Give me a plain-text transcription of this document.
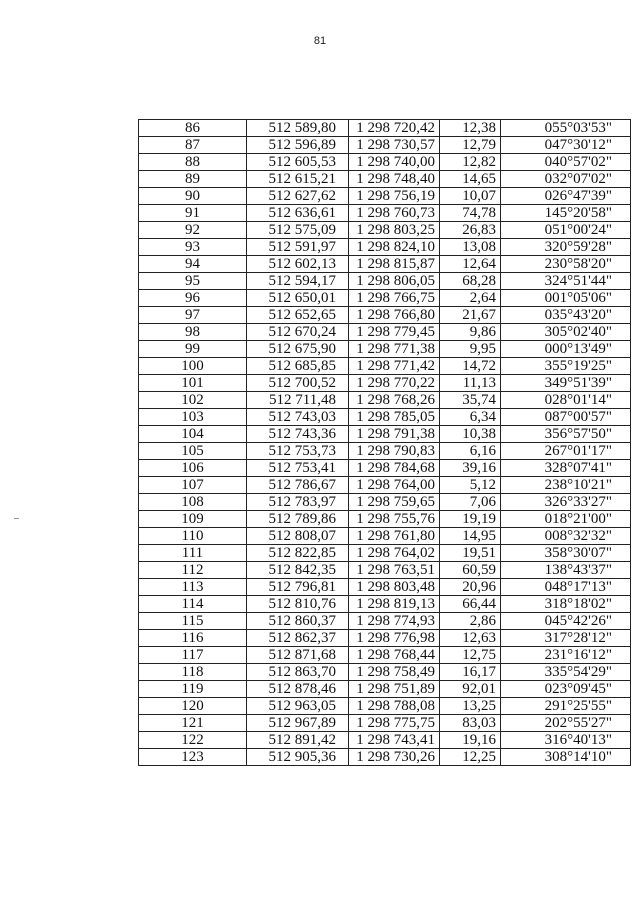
81
86	512 589,80	1 298 720,42	12,38	055°03'53"
87	512 596,89	1 298 730,57	12,79	047°30'12"
88	512 605,53	1 298 740,00	12,82	040°57'02"
89	512 615,21	1 298 748,40	14,65	032°07'02"
90	512 627,62	1 298 756,19	10,07	026°47'39"
91	512 636,61	1 298 760,73	74,78	145°20'58"
92	512 575,09	1 298 803,25	26,83	051°00'24"
93	512 591,97	1 298 824,10	13,08	320°59'28"
94	512 602,13	1 298 815,87	12,64	230°58'20"
95	512 594,17	1 298 806,05	68,28	324°51'44"
96	512 650,01	1 298 766,75	2,64	001°05'06"
97	512 652,65	1 298 766,80	21,67	035°43'20"
98	512 670,24	1 298 779,45	9,86	305°02'40"
99	512 675,90	1 298 771,38	9,95	000°13'49"
100	512 685,85	1 298 771,42	14,72	355°19'25"
101	512 700,52	1 298 770,22	11,13	349°51'39"
102	512 711,48	1 298 768,26	35,74	028°01'14"
103	512 743,03	1 298 785,05	6,34	087°00'57"
104	512 743,36	1 298 791,38	10,38	356°57'50"
105	512 753,73	1 298 790,83	6,16	267°01'17"
106	512 753,41	1 298 784,68	39,16	328°07'41"
107	512 786,67	1 298 764,00	5,12	238°10'21"
108	512 783,97	1 298 759,65	7,06	326°33'27"
109	512 789,86	1 298 755,76	19,19	018°21'00"
110	512 808,07	1 298 761,80	14,95	008°32'32"
111	512 822,85	1 298 764,02	19,51	358°30'07"
112	512 842,35	1 298 763,51	60,59	138°43'37"
113	512 796,81	1 298 803,48	20,96	048°17'13"
114	512 810,76	1 298 819,13	66,44	318°18'02"
115	512 860,37	1 298 774,93	2,86	045°42'26"
116	512 862,37	1 298 776,98	12,63	317°28'12"
117	512 871,68	1 298 768,44	12,75	231°16'12"
118	512 863,70	1 298 758,49	16,17	335°54'29"
119	512 878,46	1 298 751,89	92,01	023°09'45"
120	512 963,05	1 298 788,08	13,25	291°25'55"
121	512 967,89	1 298 775,75	83,03	202°55'27"
122	512 891,42	1 298 743,41	19,16	316°40'13"
123	512 905,36	1 298 730,26	12,25	308°14'10"
